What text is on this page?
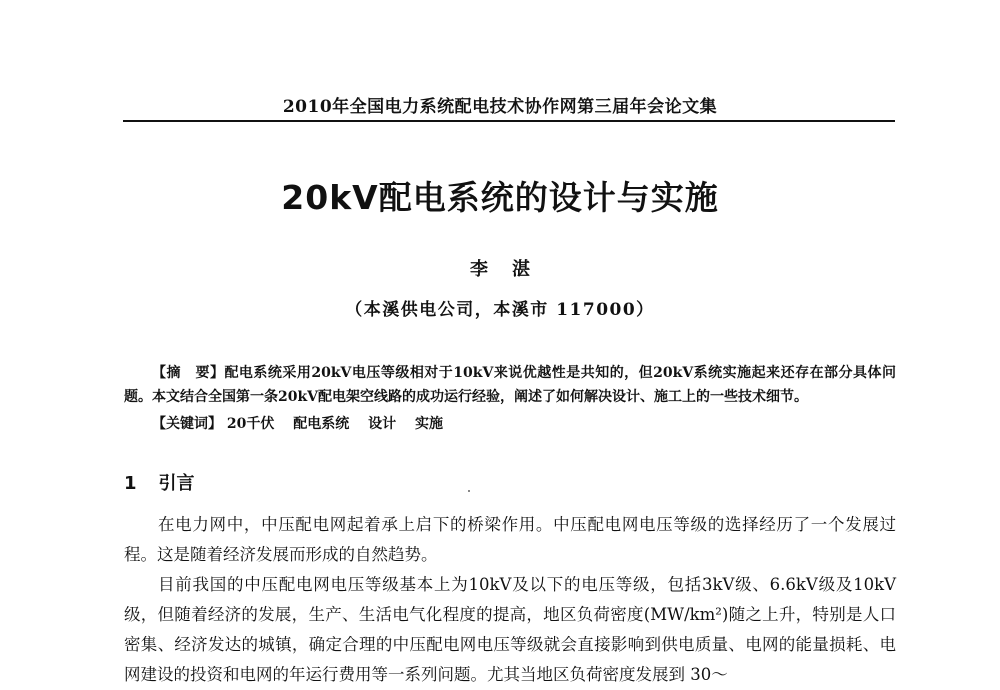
2010年全国电力系统配电技术协作网第三届年会论文集
20kV配电系统的设计与实施
李湛
（本溪供电公司，本溪市 117000）

【摘　要】配电系统采用20kV电压等级相对于10kV来说优越性是共知的，但20kV系统实施起来还存在部分具体问题。本文结合全国第一条20kV配电架空线路的成功运行经验，阐述了如何解决设计、施工上的一些技术细节。

【关键词】 20千伏 配电系统 设计 实施
1 引言

在电力网中，中压配电网起着承上启下的桥梁作用。中压配电网电压等级的选择经历了一个发展过程。这是随着经济发展而形成的自然趋势。

目前我国的中压配电网电压等级基本上为10kV及以下的电压等级，包括3kV级、6.6kV级及10kV级，但随着经济的发展，生产、生活电气化程度的提高，地区负荷密度(MW/km²)随之上升，特别是人口密集、经济发达的城镇，确定合理的中压配电网电压等级就会直接影响到供电质量、电网的能量损耗、电网建设的投资和电网的年运行费用等一系列问题。尤其当地区负荷密度发展到 30～
